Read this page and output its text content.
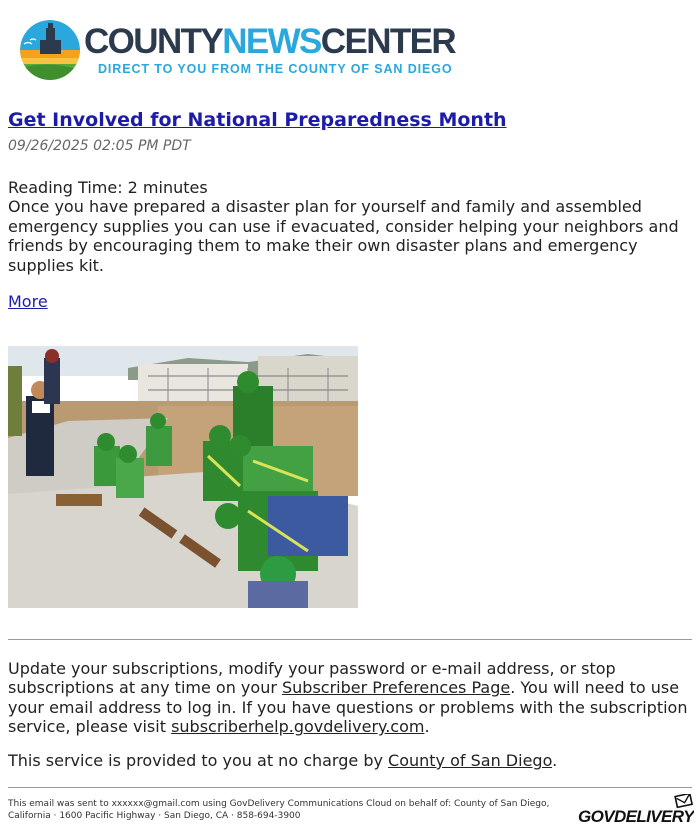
COUNTYNEWSCENTER
DIRECT TO YOU FROM THE COUNTY OF SAN DIEGO
Get Involved for National Preparedness Month
09/26/2025 02:05 PM PDT
Reading Time: 2 minutes
Once you have prepared a disaster plan for yourself and family and assembled emergency supplies you can use if evacuated, consider helping your neighbors and friends by encouraging them to make their own disaster plans and emergency supplies kit.
More
Update your subscriptions, modify your password or e-mail address, or stop subscriptions at any time on your Subscriber Preferences Page. You will need to use your email address to log in. If you have questions or problems with the subscription service, please visit subscriberhelp.govdelivery.com.
This service is provided to you at no charge by County of San Diego.
This email was sent to xxxxxx@gmail.com using GovDelivery Communications Cloud on behalf of: County of San Diego, California · 1600 Pacific Highway · San Diego, CA · 858-694-3900	GOVDELIVERY
